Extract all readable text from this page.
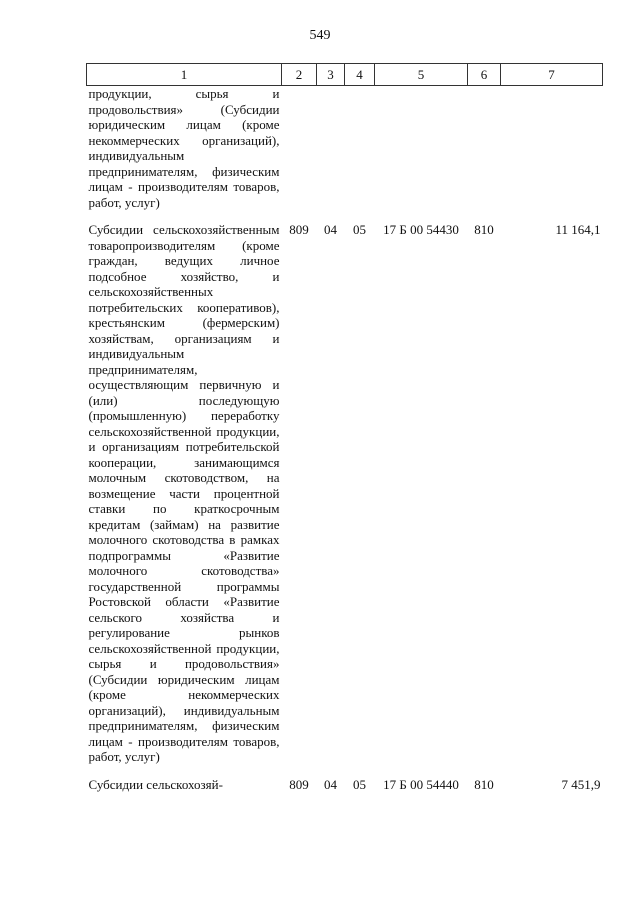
549
1	2	3	4	5	6	7
продукции, сырья и продовольствия» (Субсидии юридическим лицам (кроме некоммерческих организаций), индивидуальным предпринимателям, физическим лицам - производителям товаров, работ, услуг)						

Субсидии сельскохозяйственным товаропроизводителям (кроме граждан, ведущих личное подсобное хозяйство, и сельскохозяйственных потребительских кооперативов), крестьянским (фермерским) хозяйствам, организациям и индивидуальным предпринимателям, осуществляющим первичную и (или) последующую (промышленную) переработку сельскохозяйственной продукции, и организациям потребительской кооперации, занимающимся молочным скотоводством, на возмещение части процентной ставки по краткосрочным кредитам (займам) на развитие молочного скотоводства в рамках подпрограммы «Развитие молочного скотоводства» государственной программы Ростовской области «Развитие сельского хозяйства и регулирование рынков сельскохозяйственной продукции, сырья и продовольствия» (Субсидии юридическим лицам (кроме некоммерческих организаций), индивидуальным предпринимателям, физическим лицам - производителям товаров, работ, услуг)	809	04	05	17 Б 00 54430	810	11 164,1

Субсидии сельскохозяй-	809	04	05	17 Б 00 54440	810	7 451,9
